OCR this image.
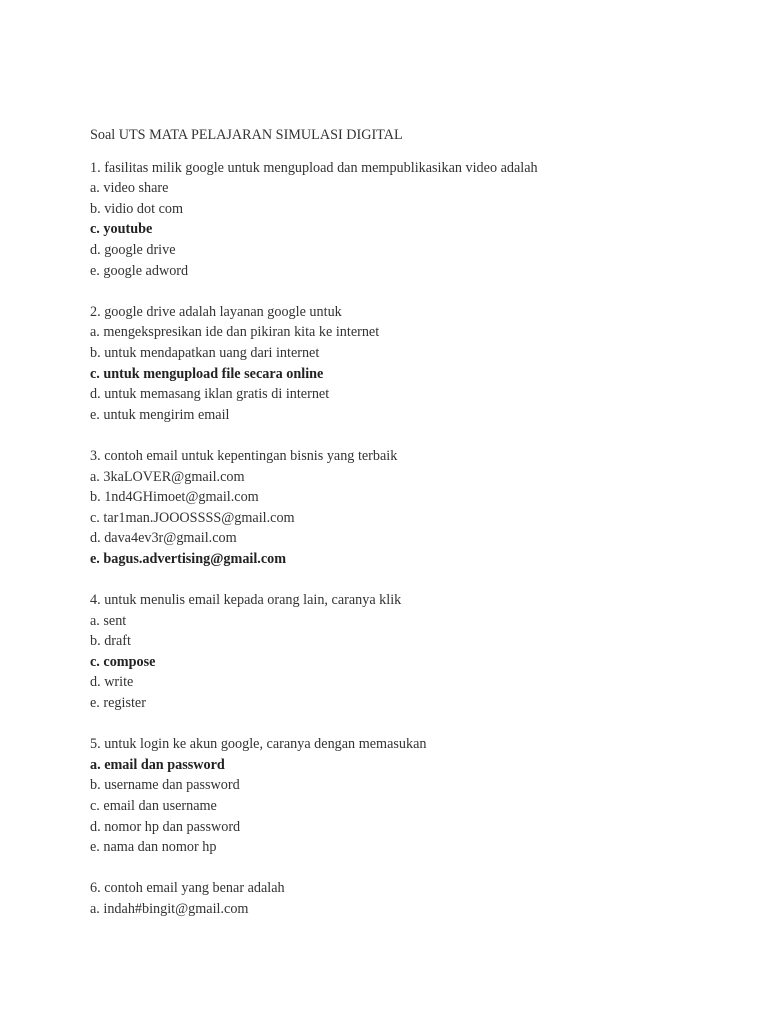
Soal UTS MATA PELAJARAN SIMULASI DIGITAL
1. fasilitas milik google untuk mengupload dan mempublikasikan video adalah
a. video share
b. vidio dot com
c. youtube
d. google drive
e. google adword
2. google drive adalah layanan google untuk
a. mengekspresikan ide dan pikiran kita ke internet
b. untuk mendapatkan uang dari internet
c. untuk mengupload file secara online
d. untuk memasang iklan gratis di internet
e. untuk mengirim email
3. contoh email untuk kepentingan bisnis yang terbaik
a. 3kaLOVER@gmail.com
b. 1nd4GHimoet@gmail.com
c. tar1man.JOOOSSSS@gmail.com
d. dava4ev3r@gmail.com
e. bagus.advertising@gmail.com
4. untuk menulis email kepada orang lain, caranya klik
a. sent
b. draft
c. compose
d. write
e. register
5. untuk login ke akun google, caranya dengan memasukan
a. email dan password
b. username dan password
c. email dan username
d. nomor hp dan password
e. nama dan nomor hp
6. contoh email yang benar adalah
a. indah#bingit@gmail.com
